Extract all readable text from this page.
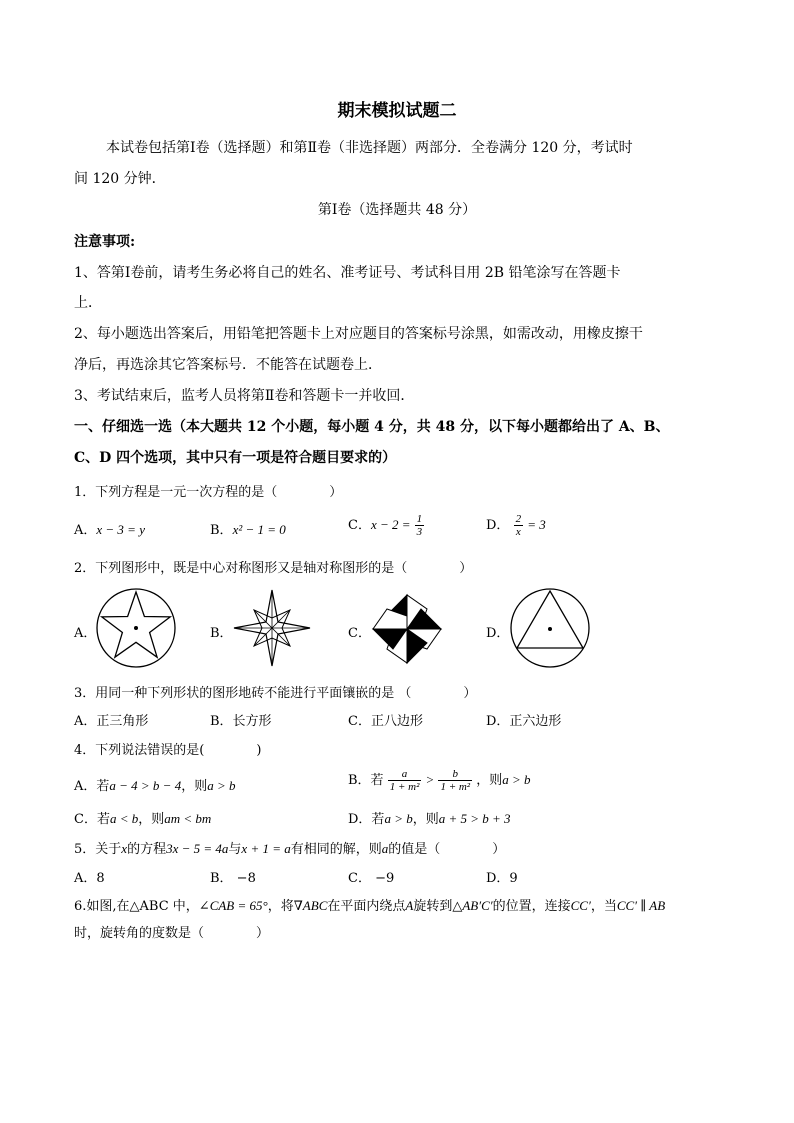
期末模拟试题二
本试卷包括第Ⅰ卷（选择题）和第Ⅱ卷（非选择题）两部分．全卷满分 120 分，考试时
间 120 分钟．
第Ⅰ卷（选择题共 48 分）
注意事项:
1、答第Ⅰ卷前，请考生务必将自己的姓名、准考证号、考试科目用 2B 铅笔涂写在答题卡
上．
2、每小题选出答案后，用铅笔把答题卡上对应题目的答案标号涂黑，如需改动，用橡皮擦干
净后，再选涂其它答案标号．不能答在试题卷上．
3、考试结束后，监考人员将第Ⅱ卷和答题卡一并收回．
一、仔细选一选（本大题共 12 个小题，每小题 4 分，共 48 分，以下每小题都给出了 A、B、
C、D 四个选项，其中只有一项是符合题目要求的）
1．下列方程是一元一次方程的是（　　　　）
A．x − 3 = y	B．x² − 1 = 0	C．$x - 2 = \frac{1}{3}$	D． $\frac{2}{x} = 3$
2．下列图形中，既是中心对称图形又是轴对称图形的是（　　　　）
A．	B．	C．	D．
3．用同一种下列形状的图形地砖不能进行平面镶嵌的是 （　　　　）
A．正三角形	B．长方形	C．正八边形	D．正六边形
4．下列说法错误的是(　　　　)
A．若a − 4 > b − 4，则a > b	B．若 $\frac{a}{\text{1 + m²}} > \frac{b}{\text{1 + m²}}$ ，则a > b
C．若a < b，则am < bm	D．若a > b，则a + 5 > b + 3
5．关于x的方程3x − 5 = 4a与x + 1 = a有相同的解，则a的值是（　　　　）
A．8	B． −8	C． −9	D．9
6.如图,在△ABC 中，∠CAB = 65°，将∇ABC在平面内绕点A旋转到△AB′C′的位置，连接CC′，当CC′ ∥ AB
时，旋转角的度数是（　　　　）
